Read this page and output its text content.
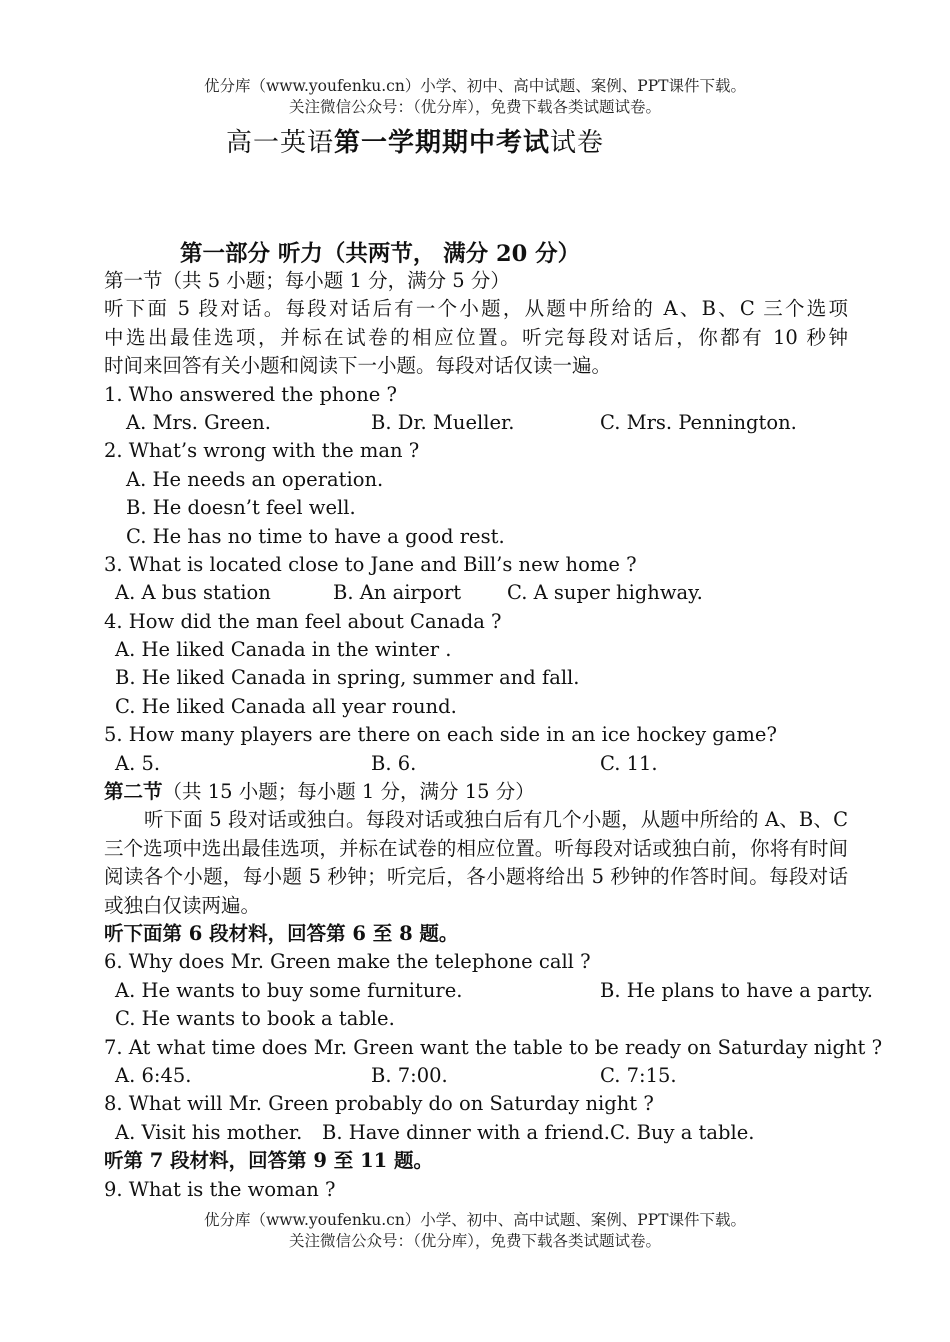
优分库（www.youfenku.cn）小学、初中、高中试题、案例、PPT课件下载。
关注微信公众号：（优分库），免费下载各类试题试卷。
高一英语第一学期期中考试试卷
第一部分 听力（共两节， 满分 20 分）
第一节（共 5 小题；每小题 1 分，满分 5 分）
听下面 5 段对话。每段对话后有一个小题，从题中所给的 A、B、C 三个选项
中选出最佳选项，并标在试卷的相应位置。听完每段对话后，你都有 10 秒钟
时间来回答有关小题和阅读下一小题。每段对话仅读一遍。
1. Who answered the phone ?
A. Mrs. Green.	B. Dr. Mueller.	C. Mrs. Pennington.
2. What’s wrong with the man ?
A. He needs an operation.
B. He doesn’t feel well.
C. He has no time to have a good rest.
3. What is located close to Jane and Bill’s new home ?
A. A bus station	B. An airport C. A super highway.
4. How did the man feel about Canada ?
A. He liked Canada in the winter .
B. He liked Canada in spring, summer and fall.
C. He liked Canada all year round.
5. How many players are there on each side in an ice hockey game?
A. 5.	B. 6.	C. 11.
第二节（共 15 小题；每小题 1 分，满分 15 分）
听下面 5 段对话或独白。每段对话或独白后有几个小题，从题中所给的 A、B、C 三个选项中选出最佳选项，并标在试卷的相应位置。听每段对话或独白前，你将有时间阅读各个小题，每小题 5 秒钟；听完后，各小题将给出 5 秒钟的作答时间。每段对话或独白仅读两遍。
听下面第 6 段材料，回答第 6 至 8 题。
6. Why does Mr. Green make the telephone call ?
A. He wants to buy some furniture.	B. He plans to have a party.
C. He wants to book a table.
7. At what time does Mr. Green want the table to be ready on Saturday night ?
A. 6:45.	B. 7:00.	C. 7:15.
8. What will Mr. Green probably do on Saturday night ?
A. Visit his mother. B. Have dinner with a friend. C. Buy a table.
听第 7 段材料，回答第 9 至 11 题。
9. What is the woman ?
优分库（www.youfenku.cn）小学、初中、高中试题、案例、PPT课件下载。
关注微信公众号：（优分库），免费下载各类试题试卷。
